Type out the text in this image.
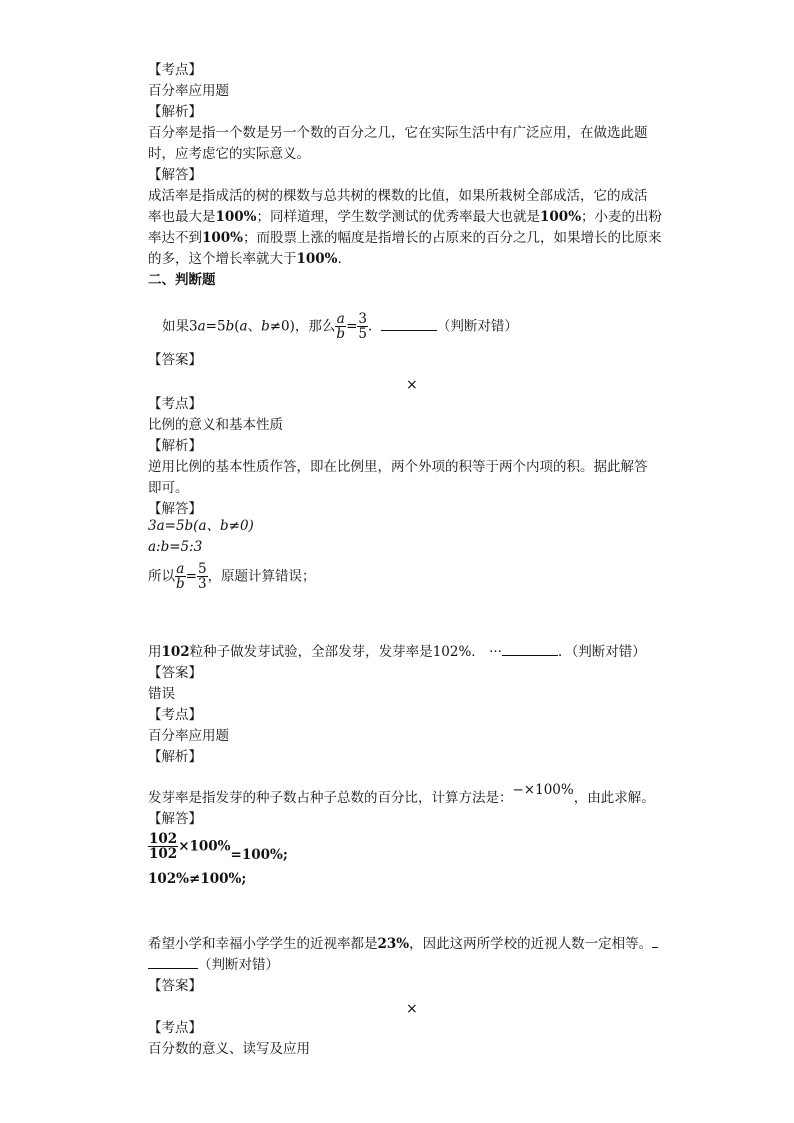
【考点】
百分率应用题
【解析】
百分率是指一个数是另一个数的百分之几，它在实际生活中有广泛应用，在做选此题
时，应考虑它的实际意义。
【解答】
成活率是指成活的树的棵数与总共树的棵数的比值，如果所栽树全部成活，它的成活
率也最大是100%；同样道理，学生数学测试的优秀率最大也就是100%；小麦的出粉
率达不到100%；而股票上涨的幅度是指增长的占原来的百分之几，如果增长的比原来
的多，这个增长率就大于100%.
二、判断题
如果3a=5b(a、b≠0)，那么 $\frac{a}{b} = \frac{3}{5}$ .	（判断对错）
【答案】
×
【考点】
比例的意义和基本性质
【解析】
逆用比例的基本性质作答，即在比例里，两个外项的积等于两个内项的积。据此解答
即可。
【解答】
3a=5b(a、b≠0)
a:b=5:3
所以 $\frac{a}{b} = \frac{5}{3}$ ，原题计算错误；
用102粒种子做发芽试验，全部发芽，发芽率是102%.　···	．（判断对错）
【答案】
错误
【考点】
百分率应用题
【解析】
发芽率是指发芽的种子数占种子总数的百分比，计算方法是：−×100%，由此求解。
【解答】
$\frac{102}{102} \times 100\%=100\%$;
102%≠100%;
希望小学和幸福小学学生的近视率都是23%，因此这两所学校的近视人数一定相等。
（判断对错）
【答案】
×
【考点】
百分数的意义、读写及应用
